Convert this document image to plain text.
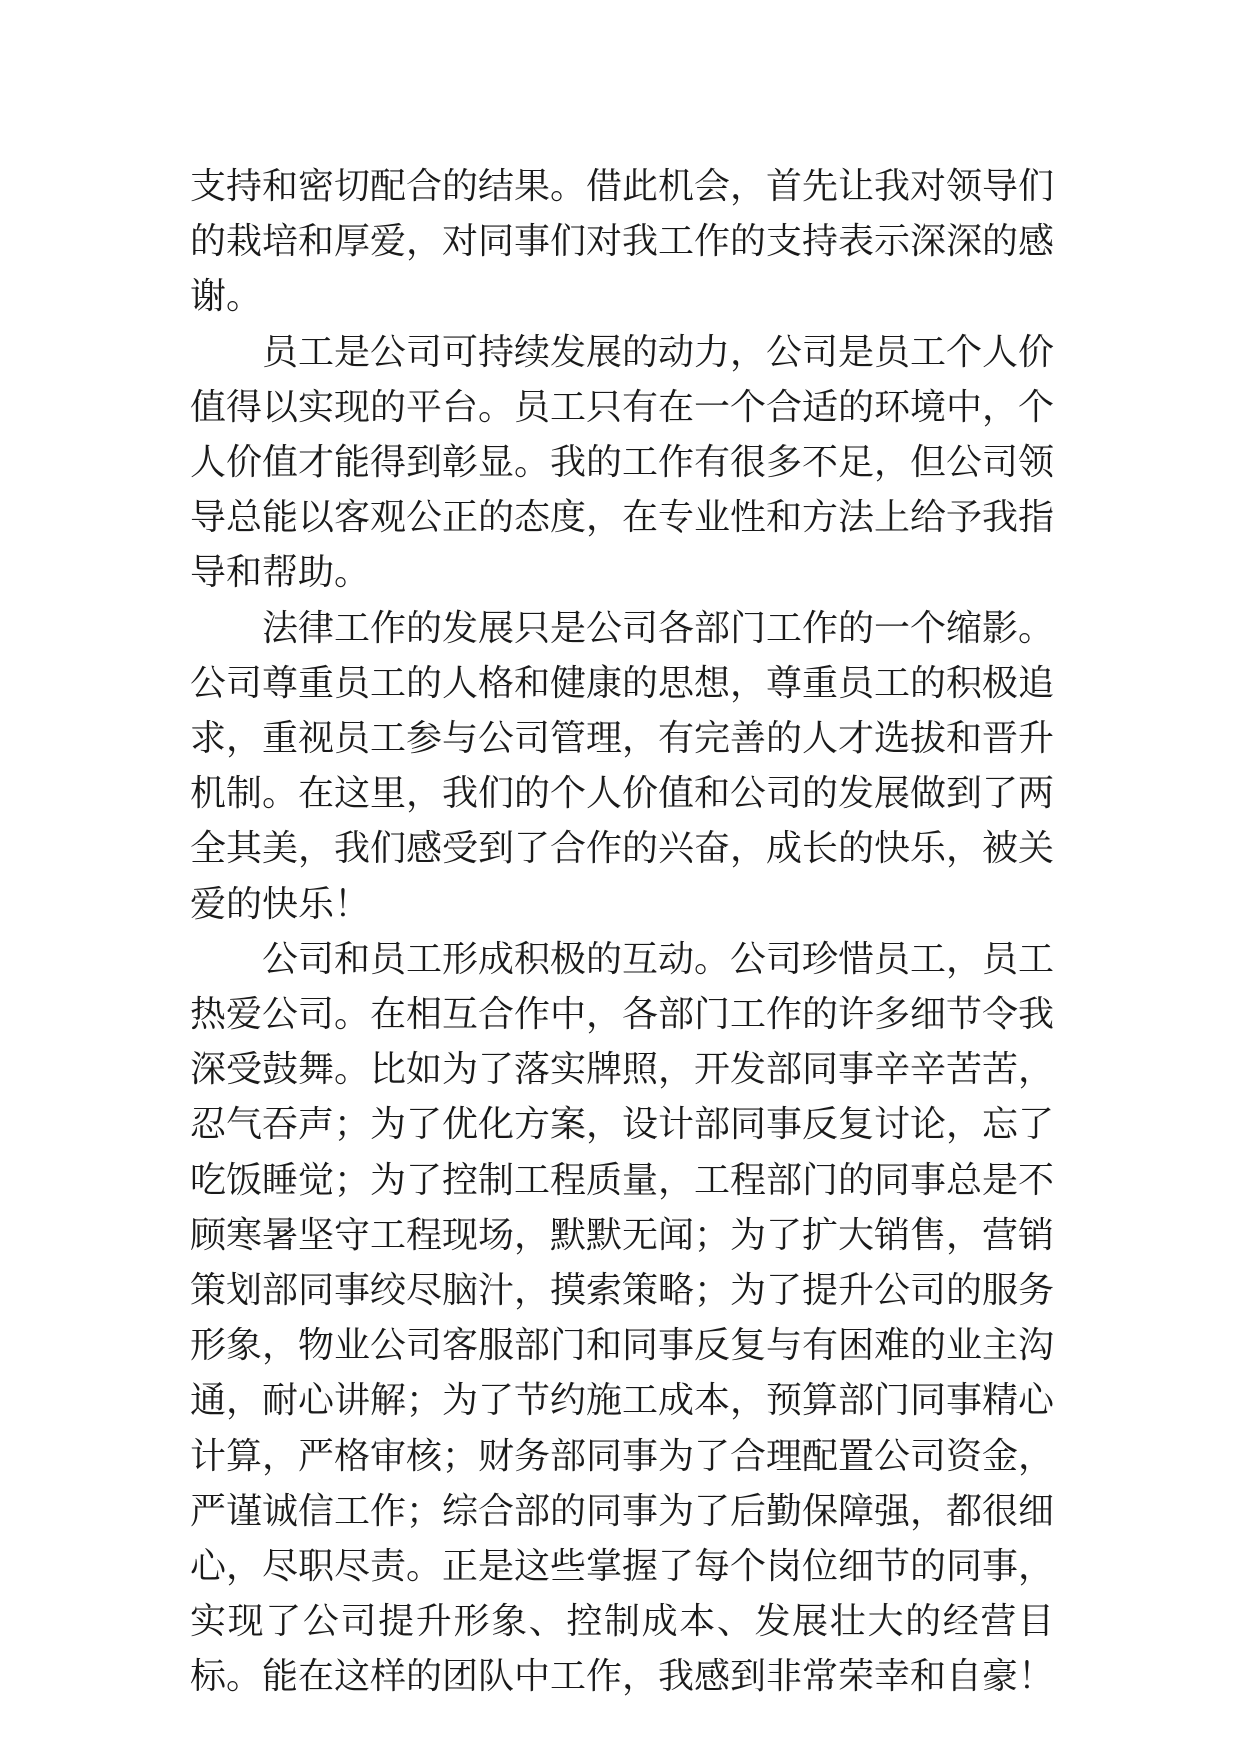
支持和密切配合的结果。借此机会，首先让我对领导们的栽培和厚爱，对同事们对我工作的支持表示深深的感谢。

员工是公司可持续发展的动力，公司是员工个人价值得以实现的平台。员工只有在一个合适的环境中，个人价值才能得到彰显。我的工作有很多不足，但公司领导总能以客观公正的态度，在专业性和方法上给予我指导和帮助。

法律工作的发展只是公司各部门工作的一个缩影。公司尊重员工的人格和健康的思想，尊重员工的积极追求，重视员工参与公司管理，有完善的人才选拔和晋升机制。在这里，我们的个人价值和公司的发展做到了两全其美，我们感受到了合作的兴奋，成长的快乐，被关爱的快乐！

公司和员工形成积极的互动。公司珍惜员工，员工热爱公司。在相互合作中，各部门工作的许多细节令我深受鼓舞。比如为了落实牌照，开发部同事辛辛苦苦，忍气吞声；为了优化方案，设计部同事反复讨论，忘了吃饭睡觉；为了控制工程质量，工程部门的同事总是不顾寒暑坚守工程现场，默默无闻；为了扩大销售，营销策划部同事绞尽脑汁，摸索策略；为了提升公司的服务形象，物业公司客服部门和同事反复与有困难的业主沟通，耐心讲解；为了节约施工成本，预算部门同事精心计算，严格审核；财务部同事为了合理配置公司资金，严谨诚信工作；综合部的同事为了后勤保障强，都很细心，尽职尽责。正是这些掌握了每个岗位细节的同事，实现了公司提升形象、控制成本、发展壮大的经营目标。能在这样的团队中工作，我感到非常荣幸和自豪！
